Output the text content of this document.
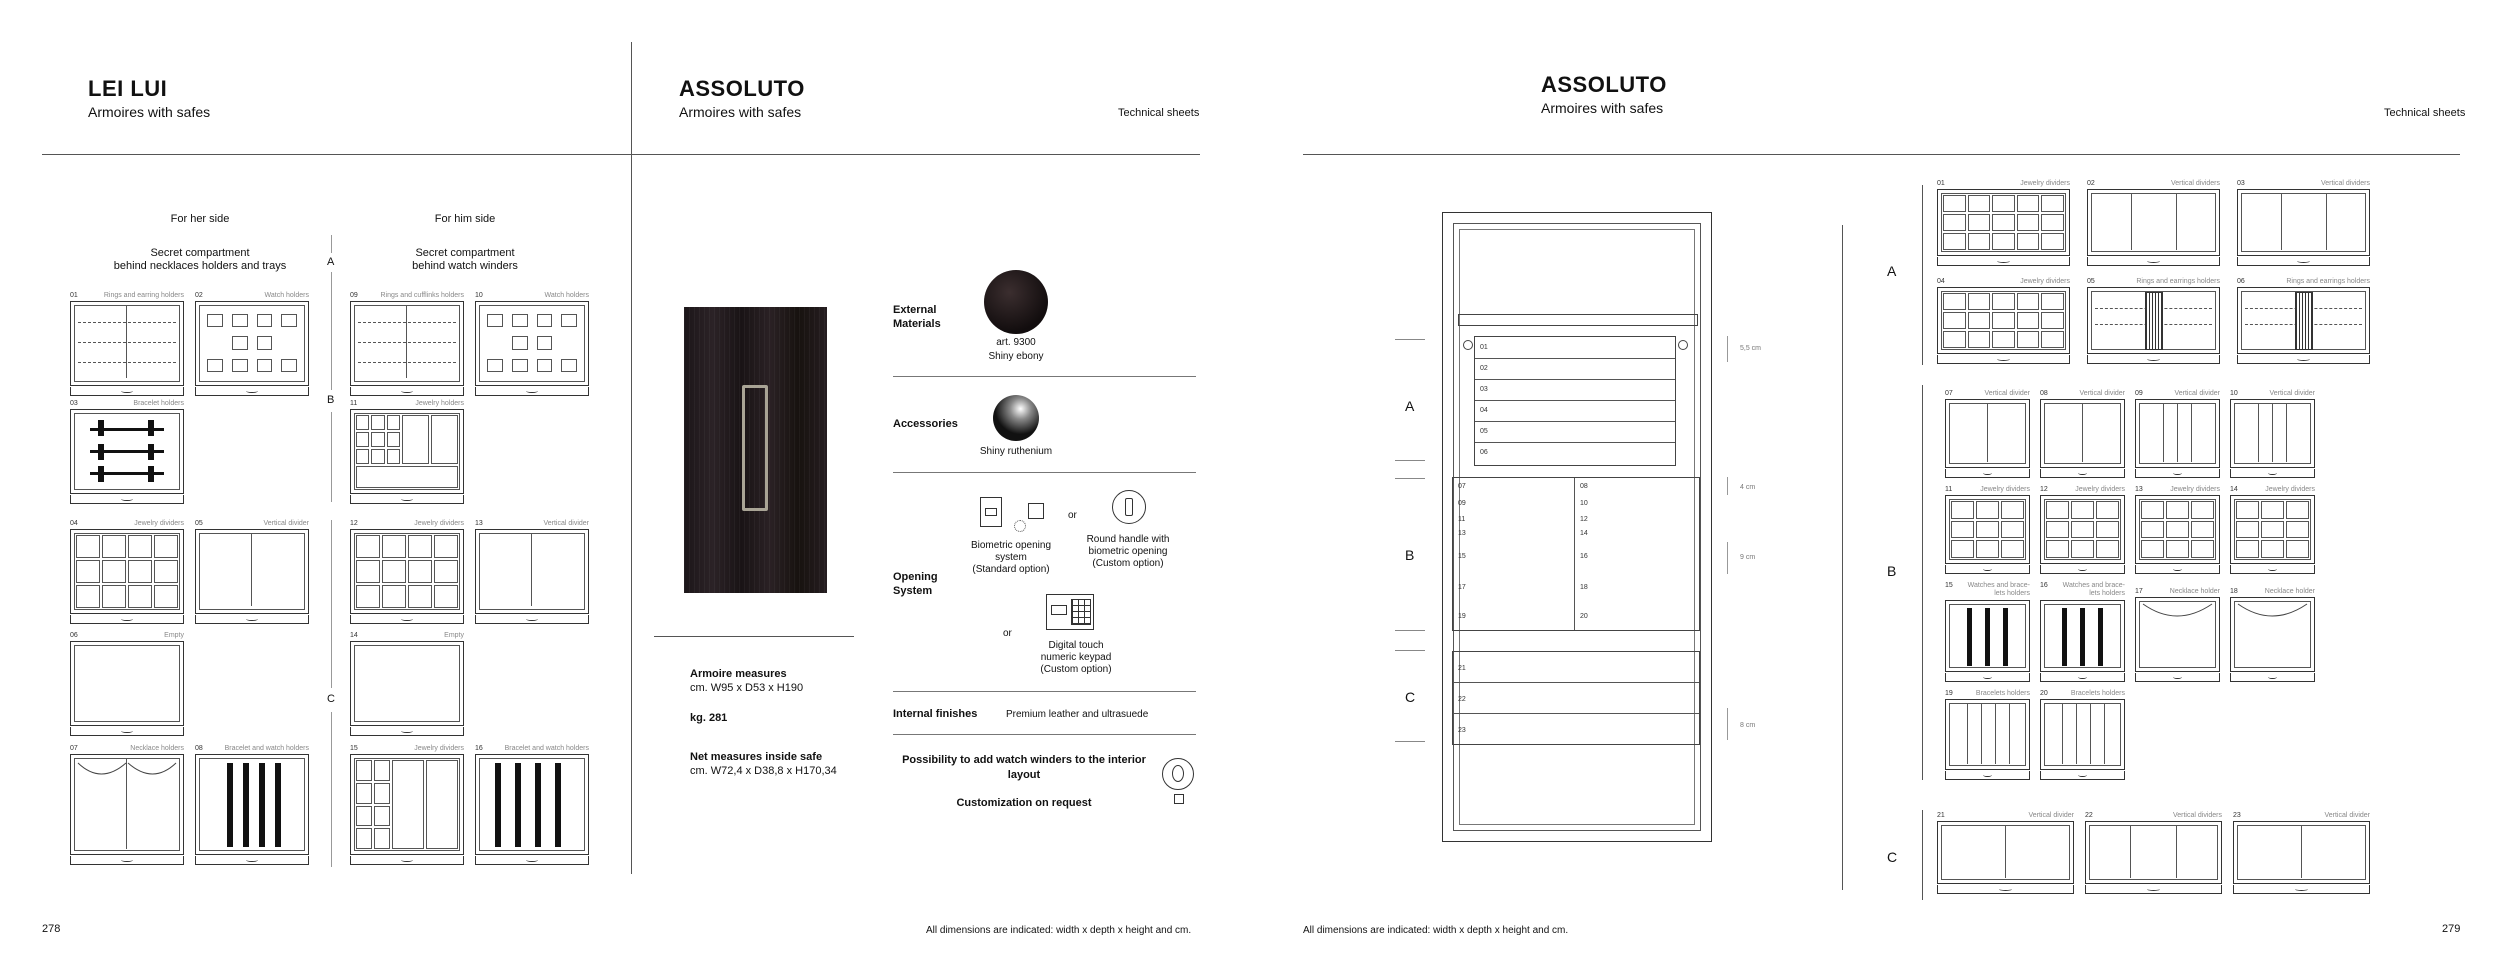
LEI LUI
Armoires with safes
ASSOLUTO
Armoires with safes	Technical sheets
For her side	For him side
Secret compartment
behind necklaces holders and trays
Secret compartment
behind watch winders
A
B
C
01	Rings and earring holders 02	Watch holders
03	Bracelet holders
04	Jewelry dividers 05	Vertical divider
06	Empty
07	Necklace holders 08	Bracelet and watch holders
09	Rings and cufflinks holders 10	Watch holders
11	Jewelry holders
12	Jewelry dividers 13	Vertical divider
14	Empty
15	Jewelry dividers 16	Bracelet and watch holders
Armoire measures
cm. W95 x D53 x H190
kg. 281
Net measures inside safe
cm. W72,4 x D38,8 x H170,34
External
Materials
art. 9300
Shiny ebony
Accessories
Shiny ruthenium
Opening
System
Biometric opening
system
(Standard option)
or
Round handle with
biometric opening
(Custom option)
or
Digital touch
numeric keypad
(Custom option)
Internal finishes	Premium leather and ultrasuede
Possibility to add watch winders to the interior layout
Customization on request
278	All dimensions are indicated: width x depth x height and cm.
ASSOLUTO
Armoires with safes	Technical sheets
01
02
03
04
05
06
07
09
11
13
15
17
19
08
10
12
14
16
18
20
21
22
23
A
B
C
5,5 cm
4 cm
9 cm
8 cm
A
B
C
01	Jewelry dividers 02	Vertical dividers 03	Vertical dividers
04	Jewelry dividers 05	Rings and earrings holders 06	Rings and earrings holders
07	Vertical divider 08	Vertical divider 09	Vertical divider 10	Vertical divider
11	Jewelry dividers 12	Jewelry dividers 13	Jewelry dividers 14	Jewelry dividers
15 Watches and brace-
lets holders
16 Watches and brace-
lets holders 17	Necklace holder 18	Necklace holder
19	Bracelets holders 20	Bracelets holders
21	Vertical divider 22	Vertical dividers 23	Vertical divider
All dimensions are indicated: width x depth x height and cm.	279
